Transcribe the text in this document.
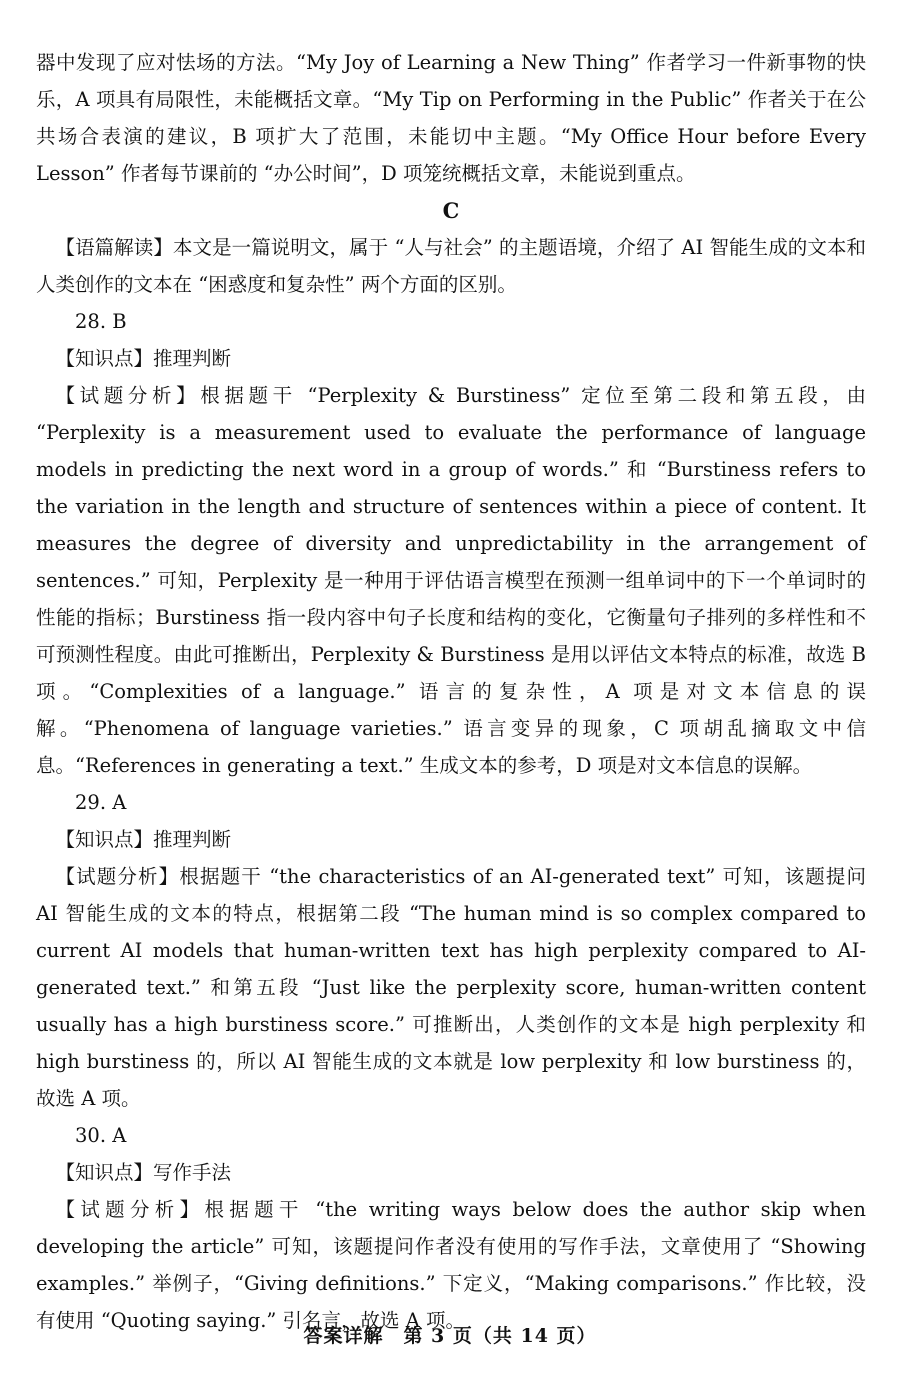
器中发现了应对怯场的方法。“My Joy of Learning a New Thing” 作者学习一件新事物的快乐，A 项具有局限性，未能概括文章。“My Tip on Performing in the Public” 作者关于在公共场合表演的建议，B 项扩大了范围，未能切中主题。“My Office Hour before Every Lesson” 作者每节课前的 “办公时间”，D 项笼统概括文章，未能说到重点。

C

【语篇解读】本文是一篇说明文，属于 “人与社会” 的主题语境，介绍了 AI 智能生成的文本和人类创作的文本在 “困惑度和复杂性” 两个方面的区别。

28. B

【知识点】推理判断

【试题分析】根据题干 “Perplexity & Burstiness” 定位至第二段和第五段，由 “Perplexity is a measurement used to evaluate the performance of language models in predicting the next word in a group of words.” 和 “Burstiness refers to the variation in the length and structure of sentences within a piece of content. It measures the degree of diversity and unpredictability in the arrangement of sentences.” 可知，Perplexity 是一种用于评估语言模型在预测一组单词中的下一个单词时的性能的指标；Burstiness 指一段内容中句子长度和结构的变化，它衡量句子排列的多样性和不可预测性程度。由此可推断出，Perplexity & Burstiness 是用以评估文本特点的标准，故选 B 项。“Complexities of a language.” 语言的复杂性，A 项是对文本信息的误解。“Phenomena of language varieties.” 语言变异的现象，C 项胡乱摘取文中信息。“References in generating a text.” 生成文本的参考，D 项是对文本信息的误解。

29. A

【知识点】推理判断

【试题分析】根据题干 “the characteristics of an AI-generated text” 可知，该题提问 AI 智能生成的文本的特点，根据第二段 “The human mind is so complex compared to current AI models that human-written text has high perplexity compared to AI-generated text.” 和第五段 “Just like the perplexity score, human-written content usually has a high burstiness score.” 可推断出，人类创作的文本是 high perplexity 和 high burstiness 的，所以 AI 智能生成的文本就是 low perplexity 和 low burstiness 的，故选 A 项。

30. A

【知识点】写作手法

【试题分析】根据题干 “the writing ways below does the author skip when developing the article” 可知，该题提问作者没有使用的写作手法，文章使用了 “Showing examples.” 举例子，“Giving definitions.” 下定义，“Making comparisons.” 作比较，没有使用 “Quoting saying.” 引名言，故选 A 项。

答案详解　第 3 页（共 14 页）
